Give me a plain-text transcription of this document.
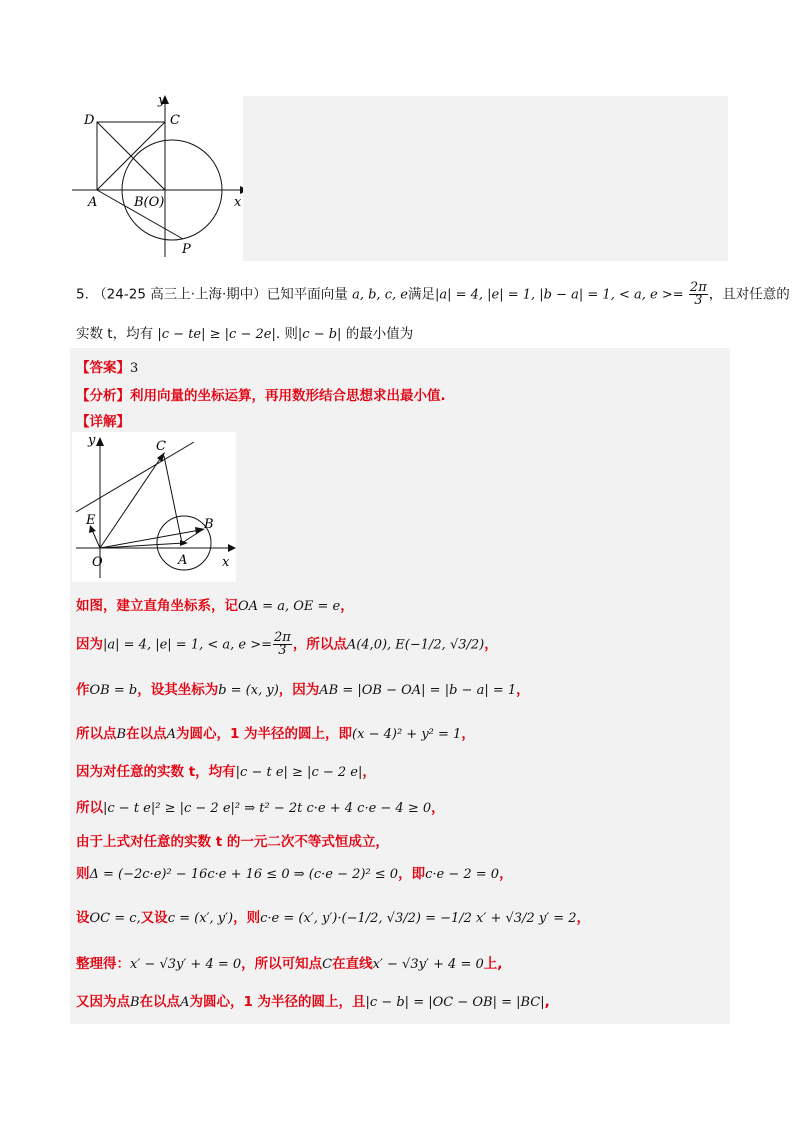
y
D	C
A	B(O)	x
P
5. （24-25 高三上·上海·期中）已知平面向量 a, b, c, e满足|a| = 4, |e| = 1, |b − a| = 1, < a, $e >= \frac{2\pi}{3}$ ，且对任意的
实数 t，均有 |c − te| ≥ |c − 2e|. 则|c − b| 的最小值为
【答案】3
【分析】利用向量的坐标运算，再用数形结合思想求出最小值.
【详解】
如图，建立直角坐标系，记OA = a, OE = e，
因为|a| = 4, |e| = 1, < a, $e >= \frac{2\pi}{3}$ ，所以点A(4,0), E(−1/2, √3/2)，
作OB = b，设其坐标为b = (x, y)，因为AB = |OB − OA| = |b − a| = 1，
所以点B在以点A为圆心，1 为半径的圆上，即(x − 4)² + y² = 1，
因为对任意的实数 t，均有|c − t e| ≥ |c − 2 e|，
所以|c − t e|² ≥ |c − 2 e|² ⇒ t² − 2t c·e + 4 c·e − 4 ≥ 0，
由于上式对任意的实数 t 的一元二次不等式恒成立，
则Δ = (−2c·e)² − 16c·e + 16 ≤ 0 ⇒ (c·e − 2)² ≤ 0，即c·e − 2 = 0，
设OC = c,又设c = (x′, y′)，则c·e = (x′, y′)·(−1/2, √3/2) = −1/2 x′ + √3/2 y′ = 2，
整理得：x′ − √3y′ + 4 = 0，所以可知点C在直线x′ − √3y′ + 4 = 0上,
又因为点B在以点A为圆心，1 为半径的圆上，且|c − b| = |OC − OB| = |BC|,
y	C
E	B
O	A	x
